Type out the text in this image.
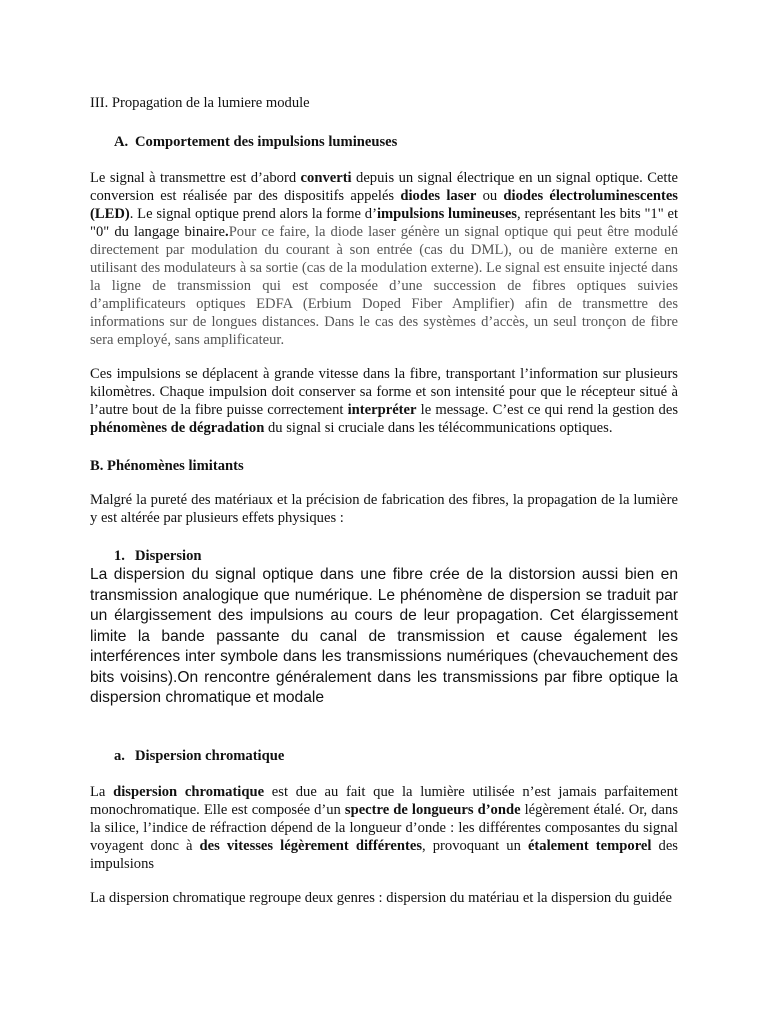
III. Propagation de la lumiere module

A. Comportement des impulsions lumineuses

Le signal à transmettre est d’abord converti depuis un signal électrique en un signal optique. Cette conversion est réalisée par des dispositifs appelés diodes laser ou diodes électroluminescentes (LED). Le signal optique prend alors la forme d’impulsions lumineuses, représentant les bits "1" et "0" du langage binaire.Pour ce faire, la diode laser génère un signal optique qui peut être modulé directement par modulation du courant à son entrée (cas du DML), ou de manière externe en utilisant des modulateurs à sa sortie (cas de la modulation externe). Le signal est ensuite injecté dans la ligne de transmission qui est composée d’une succession de fibres optiques suivies d’amplificateurs optiques EDFA (Erbium Doped Fiber Amplifier) afin de transmettre des informations sur de longues distances. Dans le cas des systèmes d’accès, un seul tronçon de fibre sera employé, sans amplificateur.

Ces impulsions se déplacent à grande vitesse dans la fibre, transportant l’information sur plusieurs kilomètres. Chaque impulsion doit conserver sa forme et son intensité pour que le récepteur situé à l’autre bout de la fibre puisse correctement interpréter le message. C’est ce qui rend la gestion des phénomènes de dégradation du signal si cruciale dans les télécommunications optiques.

B. Phénomènes limitants

Malgré la pureté des matériaux et la précision de fabrication des fibres, la propagation de la lumière y est altérée par plusieurs effets physiques :

1. Dispersion

La dispersion du signal optique dans une fibre crée de la distorsion aussi bien en transmission analogique que numérique. Le phénomène de dispersion se traduit par un élargissement des impulsions au cours de leur propagation. Cet élargissement limite la bande passante du canal de transmission et cause également les interférences inter symbole dans les transmissions numériques (chevauchement des bits voisins).On rencontre généralement dans les transmissions par fibre optique la dispersion chromatique et modale

a. Dispersion chromatique

La dispersion chromatique est due au fait que la lumière utilisée n’est jamais parfaitement monochromatique. Elle est composée d’un spectre de longueurs d’onde légèrement étalé. Or, dans la silice, l’indice de réfraction dépend de la longueur d’onde : les différentes composantes du signal voyagent donc à des vitesses légèrement différentes, provoquant un étalement temporel des impulsions

La dispersion chromatique regroupe deux genres : dispersion du matériau et la dispersion du guidée
